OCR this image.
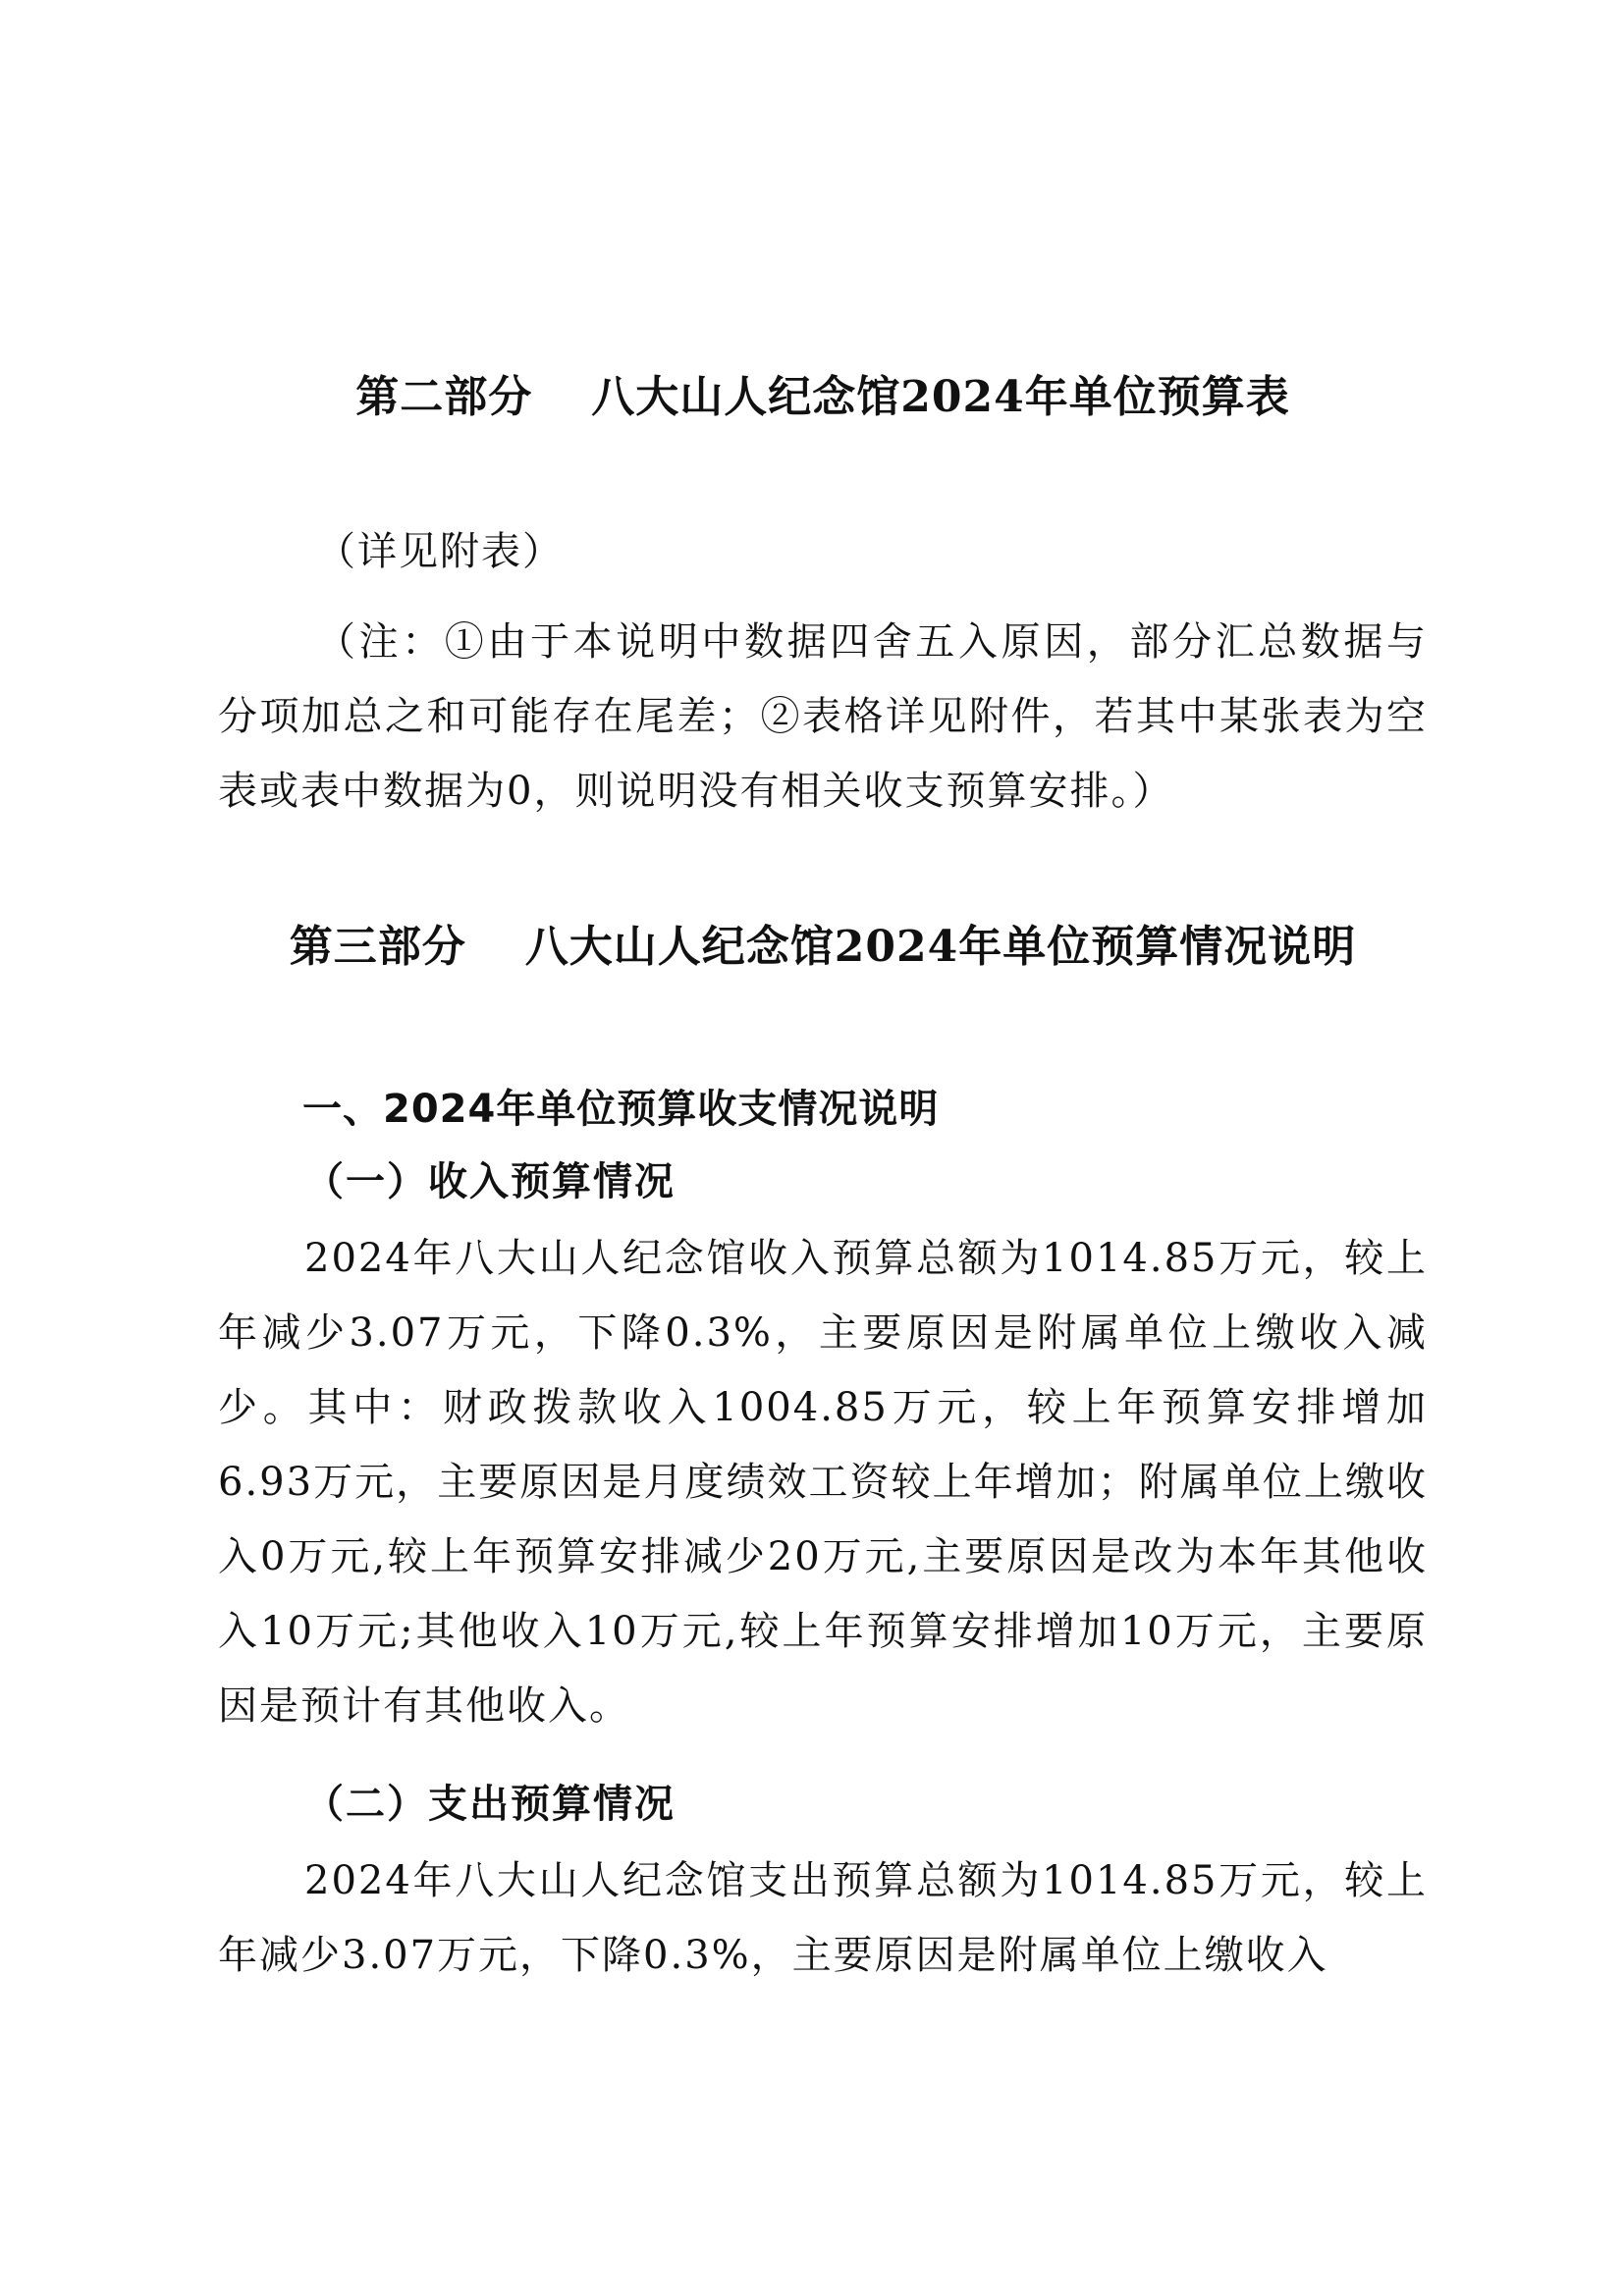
第二部分 八大山人纪念馆2024年单位预算表
（详见附表）
（注：①由于本说明中数据四舍五入原因，部分汇总数据与分项加总之和可能存在尾差；②表格详见附件，若其中某张表为空表或表中数据为0，则说明没有相关收支预算安排。）
第三部分 八大山人纪念馆2024年单位预算情况说明
一、2024年单位预算收支情况说明
（一）收入预算情况
2024年八大山人纪念馆收入预算总额为1014.85万元，较上年减少3.07万元，下降0.3%，主要原因是附属单位上缴收入减少。其中：财政拨款收入1004.85万元，较上年预算安排增加6.93万元，主要原因是月度绩效工资较上年增加；附属单位上缴收入0万元,较上年预算安排减少20万元,主要原因是改为本年其他收入10万元;其他收入10万元,较上年预算安排增加10万元，主要原因是预计有其他收入。
（二）支出预算情况
2024年八大山人纪念馆支出预算总额为1014.85万元，较上年减少3.07万元，下降0.3%，主要原因是附属单位上缴收入
